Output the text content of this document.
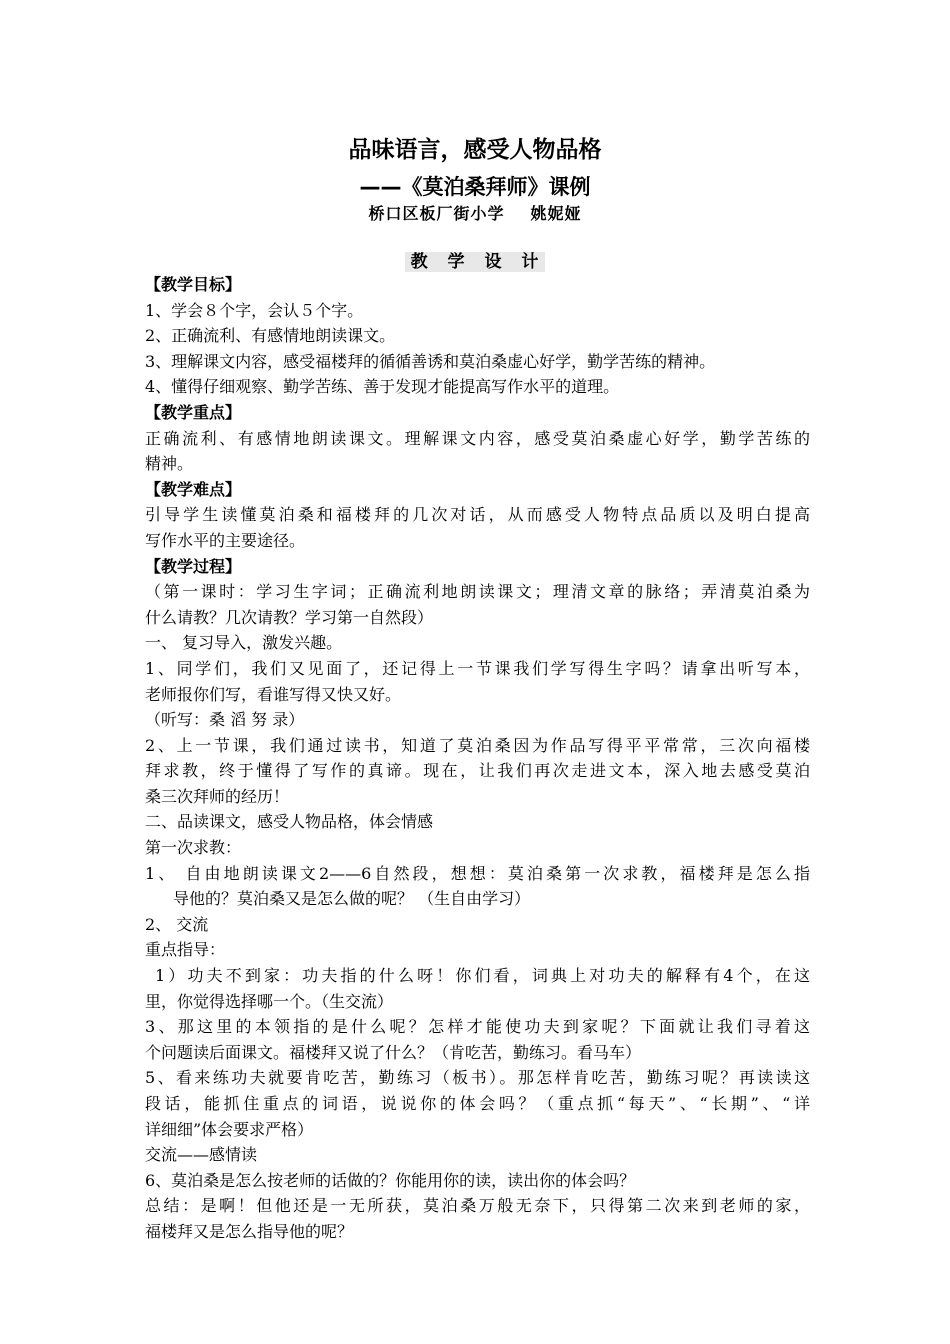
品味语言，感受人物品格
——《莫泊桑拜师》课例
桥口区板厂街小学 姚妮娅
教 学 设 计
【教学目标】
1、学会８个字，会认５个字。
2、正确流利、有感情地朗读课文。
3、理解课文内容，感受福楼拜的循循善诱和莫泊桑虚心好学，勤学苦练的精神。
4、懂得仔细观察、勤学苦练、善于发现才能提高写作水平的道理。
【教学重点】
正确流利、有感情地朗读课文。理解课文内容，感受莫泊桑虚心好学，勤学苦练的
精神。
【教学难点】
引导学生读懂莫泊桑和福楼拜的几次对话，从而感受人物特点品质以及明白提高
写作水平的主要途径。
【教学过程】
（第一课时：学习生字词；正确流利地朗读课文；理清文章的脉络；弄清莫泊桑为
什么请教？几次请教？学习第一自然段）
一、 复习导入，激发兴趣。
1、同学们，我们又见面了，还记得上一节课我们学写得生字吗？请拿出听写本，
老师报你们写，看谁写得又快又好。
（听写：桑 滔 努 录）
2、上一节课，我们通过读书，知道了莫泊桑因为作品写得平平常常，三次向福楼
拜求教，终于懂得了写作的真谛。现在，让我们再次走进文本，深入地去感受莫泊
桑三次拜师的经历！
二、品读课文，感受人物品格，体会情感
第一次求教：
1、 自由地朗读课文2——6自然段，想想：莫泊桑第一次求教，福楼拜是怎么指
导他的？莫泊桑又是怎么做的呢？ （生自由学习）
2、 交流
重点指导：
1）功夫不到家：功夫指的什么呀！你们看，词典上对功夫的解释有4个，在这
里，你觉得选择哪一个。（生交流）
3、那这里的本领指的是什么呢？怎样才能使功夫到家呢？下面就让我们寻着这
个问题读后面课文。福楼拜又说了什么？（肯吃苦，勤练习。看马车）
5、看来练功夫就要肯吃苦，勤练习（板书）。那怎样肯吃苦，勤练习呢？再读读这
段话，能抓住重点的词语，说说你的体会吗？（重点抓“每天”、“长期”、“详
详细细”体会要求严格）
交流——感情读
6、莫泊桑是怎么按老师的话做的？你能用你的读，读出你的体会吗？
总结：是啊！但他还是一无所获，莫泊桑万般无奈下，只得第二次来到老师的家，
福楼拜又是怎么指导他的呢？
